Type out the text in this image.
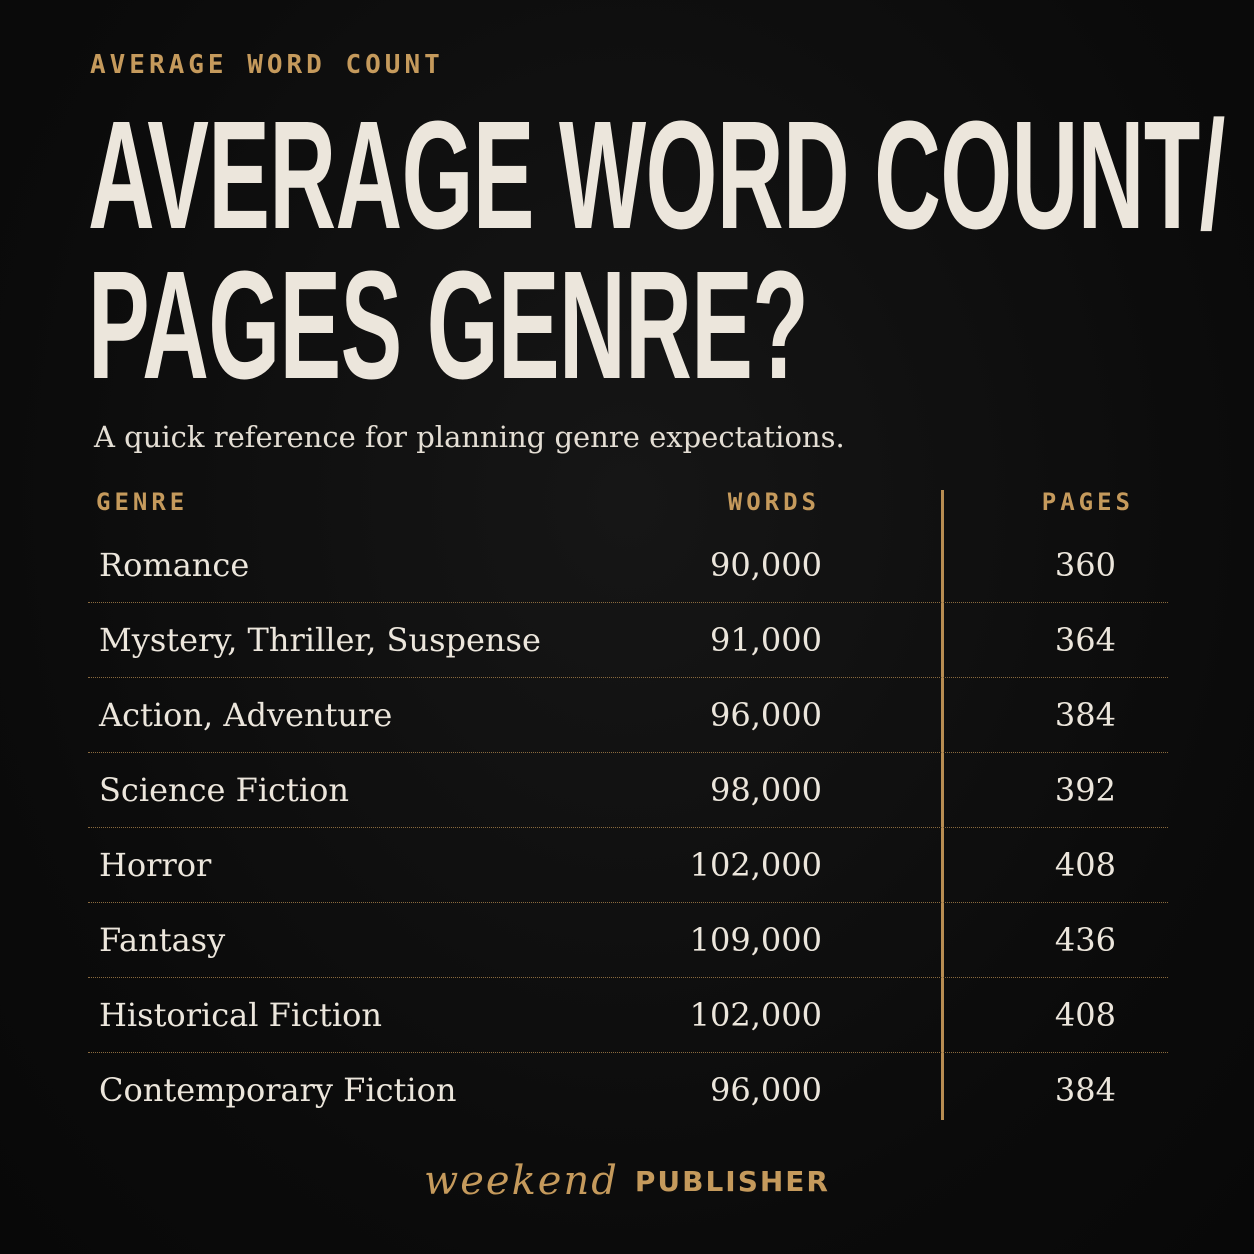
AVERAGE WORD COUNT
AVERAGE WORD COUNT/
PAGES GENRE?
A quick reference for planning genre expectations.
GENRE	WORDS	PAGES
Romance	90,000	360
Mystery, Thriller, Suspense	91,000	364
Action, Adventure	96,000	384
Science Fiction	98,000	392
Horror	102,000	408
Fantasy	109,000	436
Historical Fiction	102,000	408
Contemporary Fiction	96,000	384
weekend PUBLISHER
